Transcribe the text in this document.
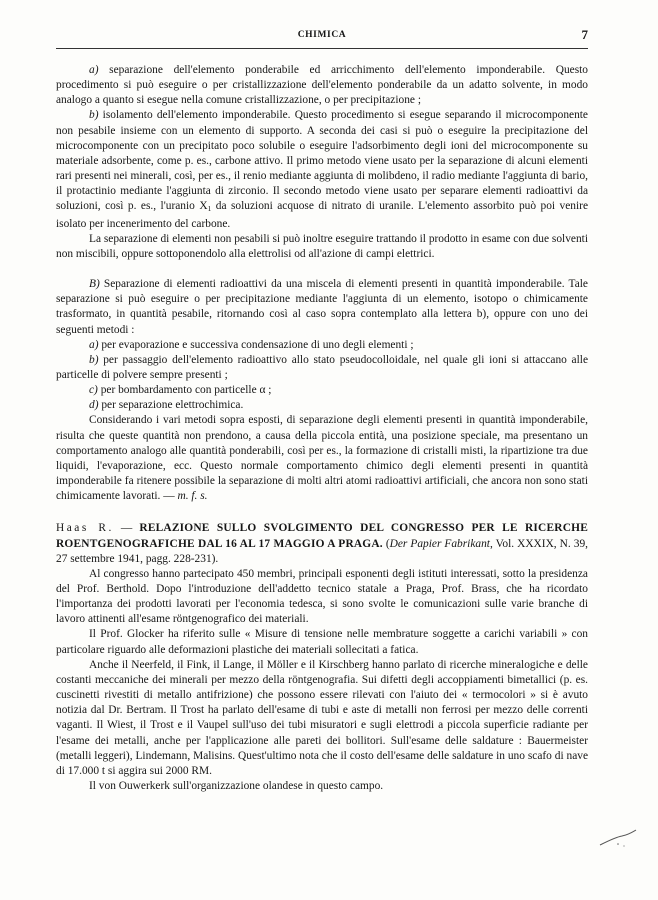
CHIMICA	7

a) separazione dell'elemento ponderabile ed arricchimento dell'elemento imponderabile. Questo procedimento si può eseguire o per cristallizzazione dell'elemento ponderabile da un adatto solvente, in modo analogo a quanto si esegue nella comune cristallizzazione, o per precipitazione ;

b) isolamento dell'elemento imponderabile. Questo procedimento si esegue separando il microcomponente non pesabile insieme con un elemento di supporto. A seconda dei casi si può o eseguire la precipitazione del microcomponente con un precipitato poco solubile o eseguire l'adsorbimento degli ioni del microcomponente su materiale adsorbente, come p. es., carbone attivo. Il primo metodo viene usato per la separazione di alcuni elementi rari presenti nei minerali, così, per es., il renio mediante aggiunta di molibdeno, il radio mediante l'aggiunta di bario, il protactinio mediante l'aggiunta di zirconio. Il secondo metodo viene usato per separare elementi radioattivi da soluzioni, così p. es., l'uranio $X_1$ da soluzioni acquose di nitrato di uranile. L'elemento assorbito può poi venire isolato per incenerimento del carbone.

La separazione di elementi non pesabili si può inoltre eseguire trattando il prodotto in esame con due solventi non miscibili, oppure sottoponendolo alla elettrolisi od all'azione di campi elettrici.

B) Separazione di elementi radioattivi da una miscela di elementi presenti in quantità imponderabile. Tale separazione si può eseguire o per precipitazione mediante l'aggiunta di un elemento, isotopo o chimicamente trasformato, in quantità pesabile, ritornando così al caso sopra contemplato alla lettera b), oppure con uno dei seguenti metodi :

a) per evaporazione e successiva condensazione di uno degli elementi ;

b) per passaggio dell'elemento radioattivo allo stato pseudocolloidale, nel quale gli ioni si attaccano alle particelle di polvere sempre presenti ;

c) per bombardamento con particelle α ;

d) per separazione elettrochimica.

Considerando i vari metodi sopra esposti, di separazione degli elementi presenti in quantità imponderabile, risulta che queste quantità non prendono, a causa della piccola entità, una posizione speciale, ma presentano un comportamento analogo alle quantità ponderabili, così per es., la formazione di cristalli misti, la ripartizione tra due liquidi, l'evaporazione, ecc. Questo normale comportamento chimico degli elementi presenti in quantità imponderabile fa ritenere possibile la separazione di molti altri atomi radioattivi artificiali, che ancora non sono stati chimicamente lavorati. — m. f. s.

Haas R. — RELAZIONE SULLO SVOLGIMENTO DEL CONGRESSO PER LE RICERCHE ROENTGENOGRAFICHE DAL 16 AL 17 MAGGIO A PRAGA. (Der Papier Fabrikant, Vol. XXXIX, N. 39, 27 settembre 1941, pagg. 228-231).

Al congresso hanno partecipato 450 membri, principali esponenti degli istituti interessati, sotto la presidenza del Prof. Berthold. Dopo l'introduzione dell'addetto tecnico statale a Praga, Prof. Brass, che ha ricordato l'importanza dei prodotti lavorati per l'economia tedesca, si sono svolte le comunicazioni sulle varie branche di lavoro attinenti all'esame röntgenografico dei materiali.

Il Prof. Glocker ha riferito sulle « Misure di tensione nelle membrature soggette a carichi variabili » con particolare riguardo alle deformazioni plastiche dei materiali sollecitati a fatica.

Anche il Neerfeld, il Fink, il Lange, il Möller e il Kirschberg hanno parlato di ricerche mineralogiche e delle costanti meccaniche dei minerali per mezzo della röntgenografia. Sui difetti degli accoppiamenti bimetallici (p. es. cuscinetti rivestiti di metallo antifrizione) che possono essere rilevati con l'aiuto dei « termocolori » si è avuto notizia dal Dr. Bertram. Il Trost ha parlato dell'esame di tubi e aste di metalli non ferrosi per mezzo delle correnti vaganti. Il Wiest, il Trost e il Vaupel sull'uso dei tubi misuratori e sugli elettrodi a piccola superficie radiante per l'esame dei metalli, anche per l'applicazione alle pareti dei bollitori. Sull'esame delle saldature : Bauermeister (metalli leggeri), Lindemann, Malisins. Quest'ultimo nota che il costo dell'esame delle saldature in uno scafo di nave di 17.000 t si aggira sui 2000 RM.

Il von Ouwerkerk sull'organizzazione olandese in questo campo.
